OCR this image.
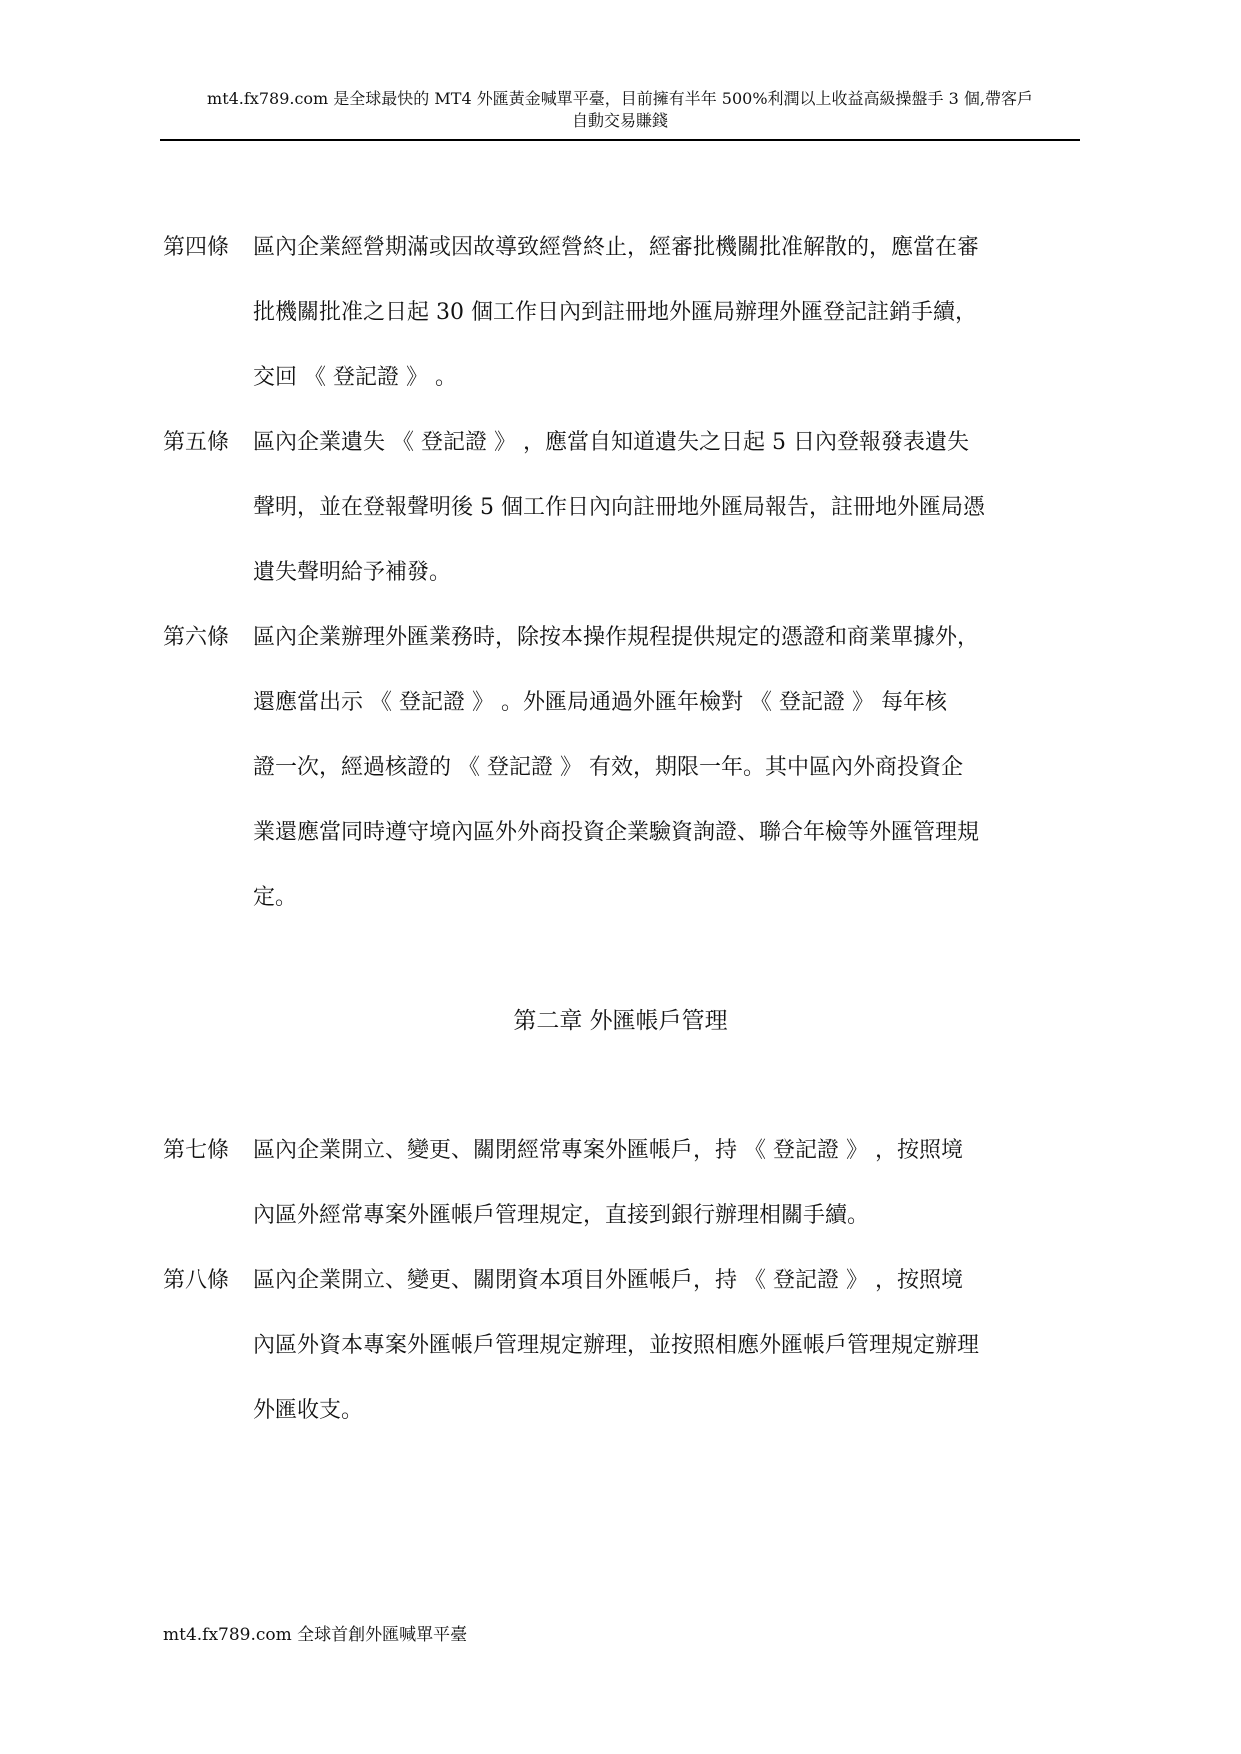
mt4.fx789.com 是全球最快的 MT4 外匯黃金喊單平臺，目前擁有半年 500%利潤以上收益高級操盤手 3 個,帶客戶
自動交易賺錢
第四條 區內企業經營期滿或因故導致經營終止，經審批機關批准解散的，應當在審
批機關批准之日起 30 個工作日內到註冊地外匯局辦理外匯登記註銷手續，
交回 《 登記證 》 。
第五條 區內企業遺失 《 登記證 》 ，應當自知道遺失之日起 5 日內登報發表遺失
聲明，並在登報聲明後 5 個工作日內向註冊地外匯局報告，註冊地外匯局憑
遺失聲明給予補發。
第六條 區內企業辦理外匯業務時，除按本操作規程提供規定的憑證和商業單據外，
還應當出示 《 登記證 》 。外匯局通過外匯年檢對 《 登記證 》 每年核
證一次，經過核證的 《 登記證 》 有效，期限一年。其中區內外商投資企
業還應當同時遵守境內區外外商投資企業驗資詢證、聯合年檢等外匯管理規
定。
第二章 外匯帳戶管理
第七條 區內企業開立、變更、關閉經常專案外匯帳戶，持 《 登記證 》 ，按照境
內區外經常專案外匯帳戶管理規定，直接到銀行辦理相關手續。
第八條 區內企業開立、變更、關閉資本項目外匯帳戶，持 《 登記證 》 ，按照境
內區外資本專案外匯帳戶管理規定辦理，並按照相應外匯帳戶管理規定辦理
外匯收支。
mt4.fx789.com 全球首創外匯喊單平臺
